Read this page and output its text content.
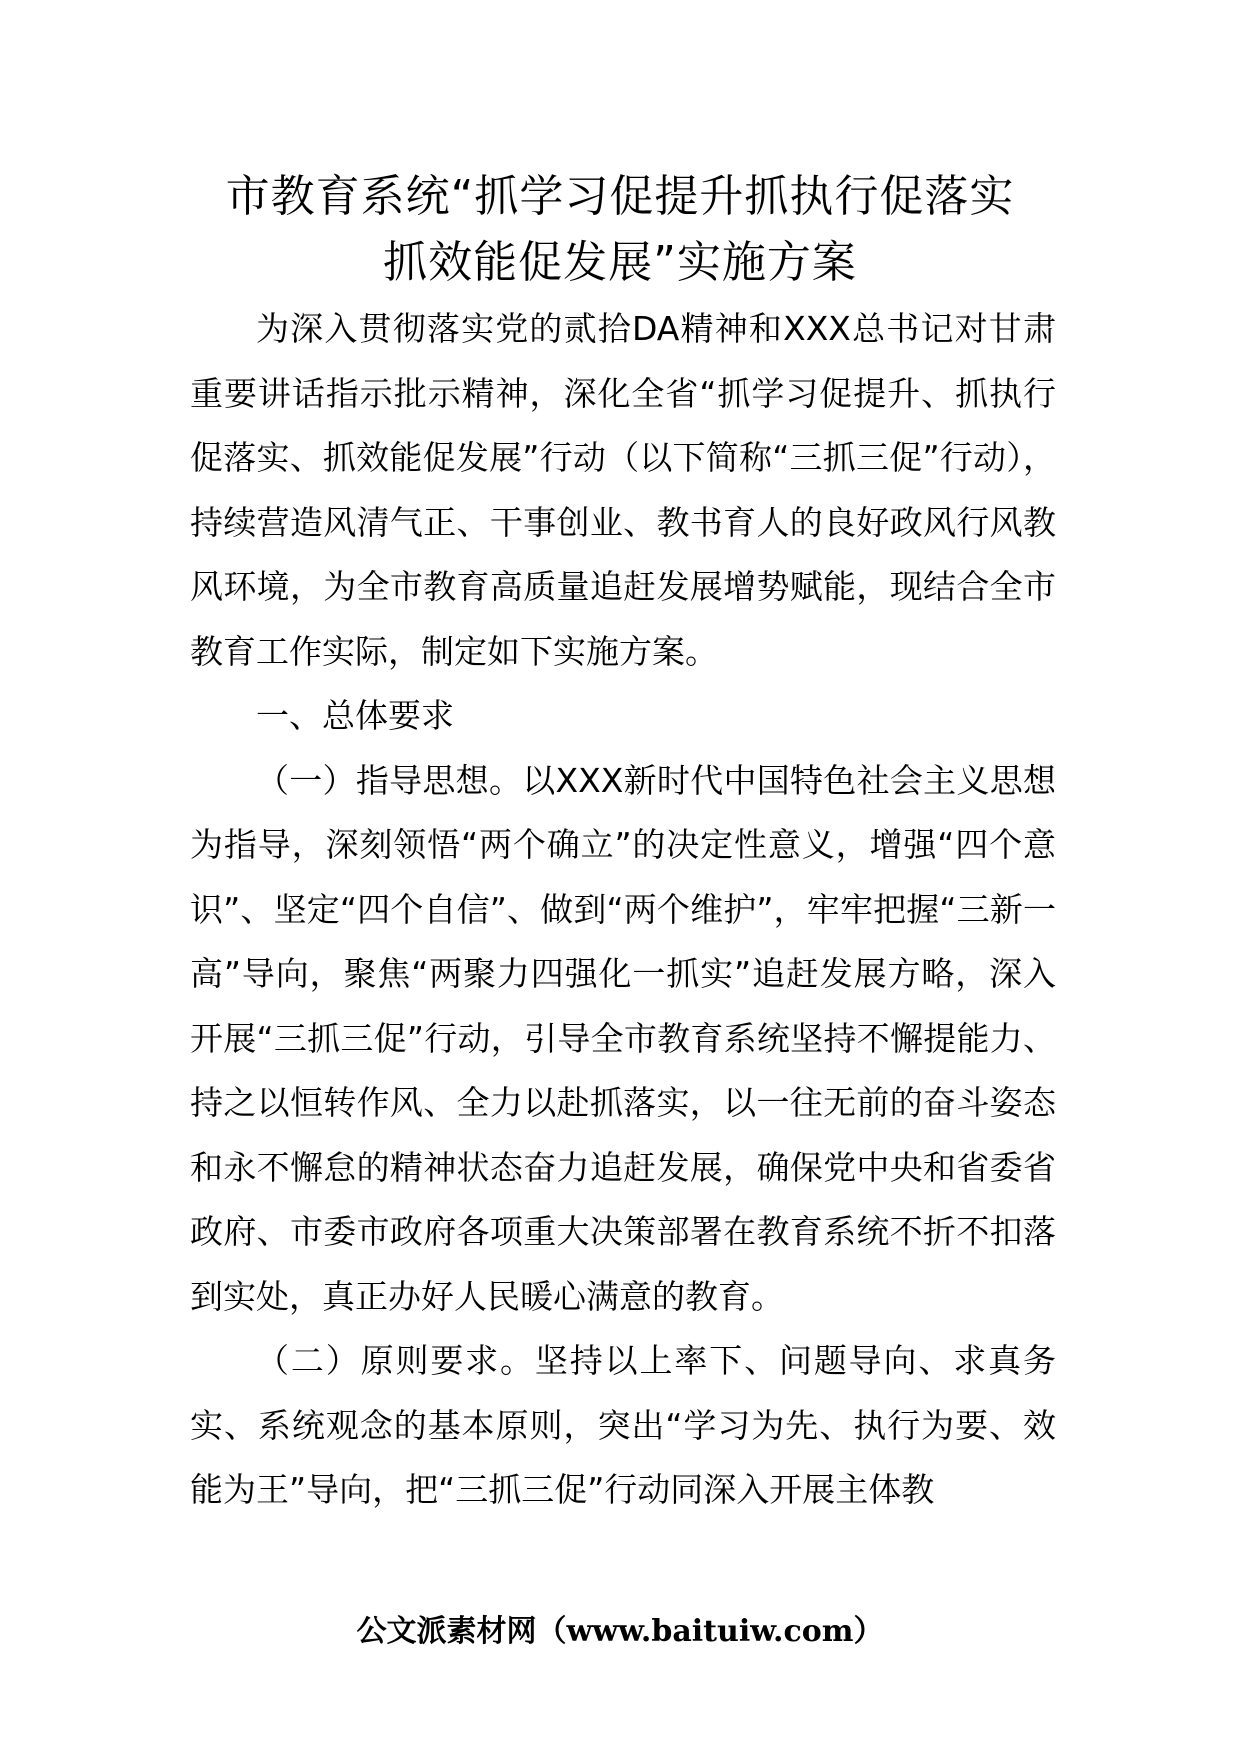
市教育系统“抓学习促提升抓执行促落实
抓效能促发展”实施方案

为深入贯彻落实党的贰拾DA精神和XXX总书记对甘肃重要讲话指示批示精神，深化全省“抓学习促提升、抓执行促落实、抓效能促发展”行动（以下简称“三抓三促”行动），持续营造风清气正、干事创业、教书育人的良好政风行风教风环境，为全市教育高质量追赶发展增势赋能，现结合全市教育工作实际，制定如下实施方案。

一、总体要求

（一）指导思想。以XXX新时代中国特色社会主义思想为指导，深刻领悟“两个确立”的决定性意义，增强“四个意识”、坚定“四个自信”、做到“两个维护”，牢牢把握“三新一高”导向，聚焦“两聚力四强化一抓实”追赶发展方略，深入开展“三抓三促”行动，引导全市教育系统坚持不懈提能力、持之以恒转作风、全力以赴抓落实，以一往无前的奋斗姿态和永不懈怠的精神状态奋力追赶发展，确保党中央和省委省政府、市委市政府各项重大决策部署在教育系统不折不扣落到实处，真正办好人民暖心满意的教育。

（二）原则要求。坚持以上率下、问题导向、求真务实、系统观念的基本原则，突出“学习为先、执行为要、效能为王”导向，把“三抓三促”行动同深入开展主体教

公文派素材网（www.baituiw.com）
